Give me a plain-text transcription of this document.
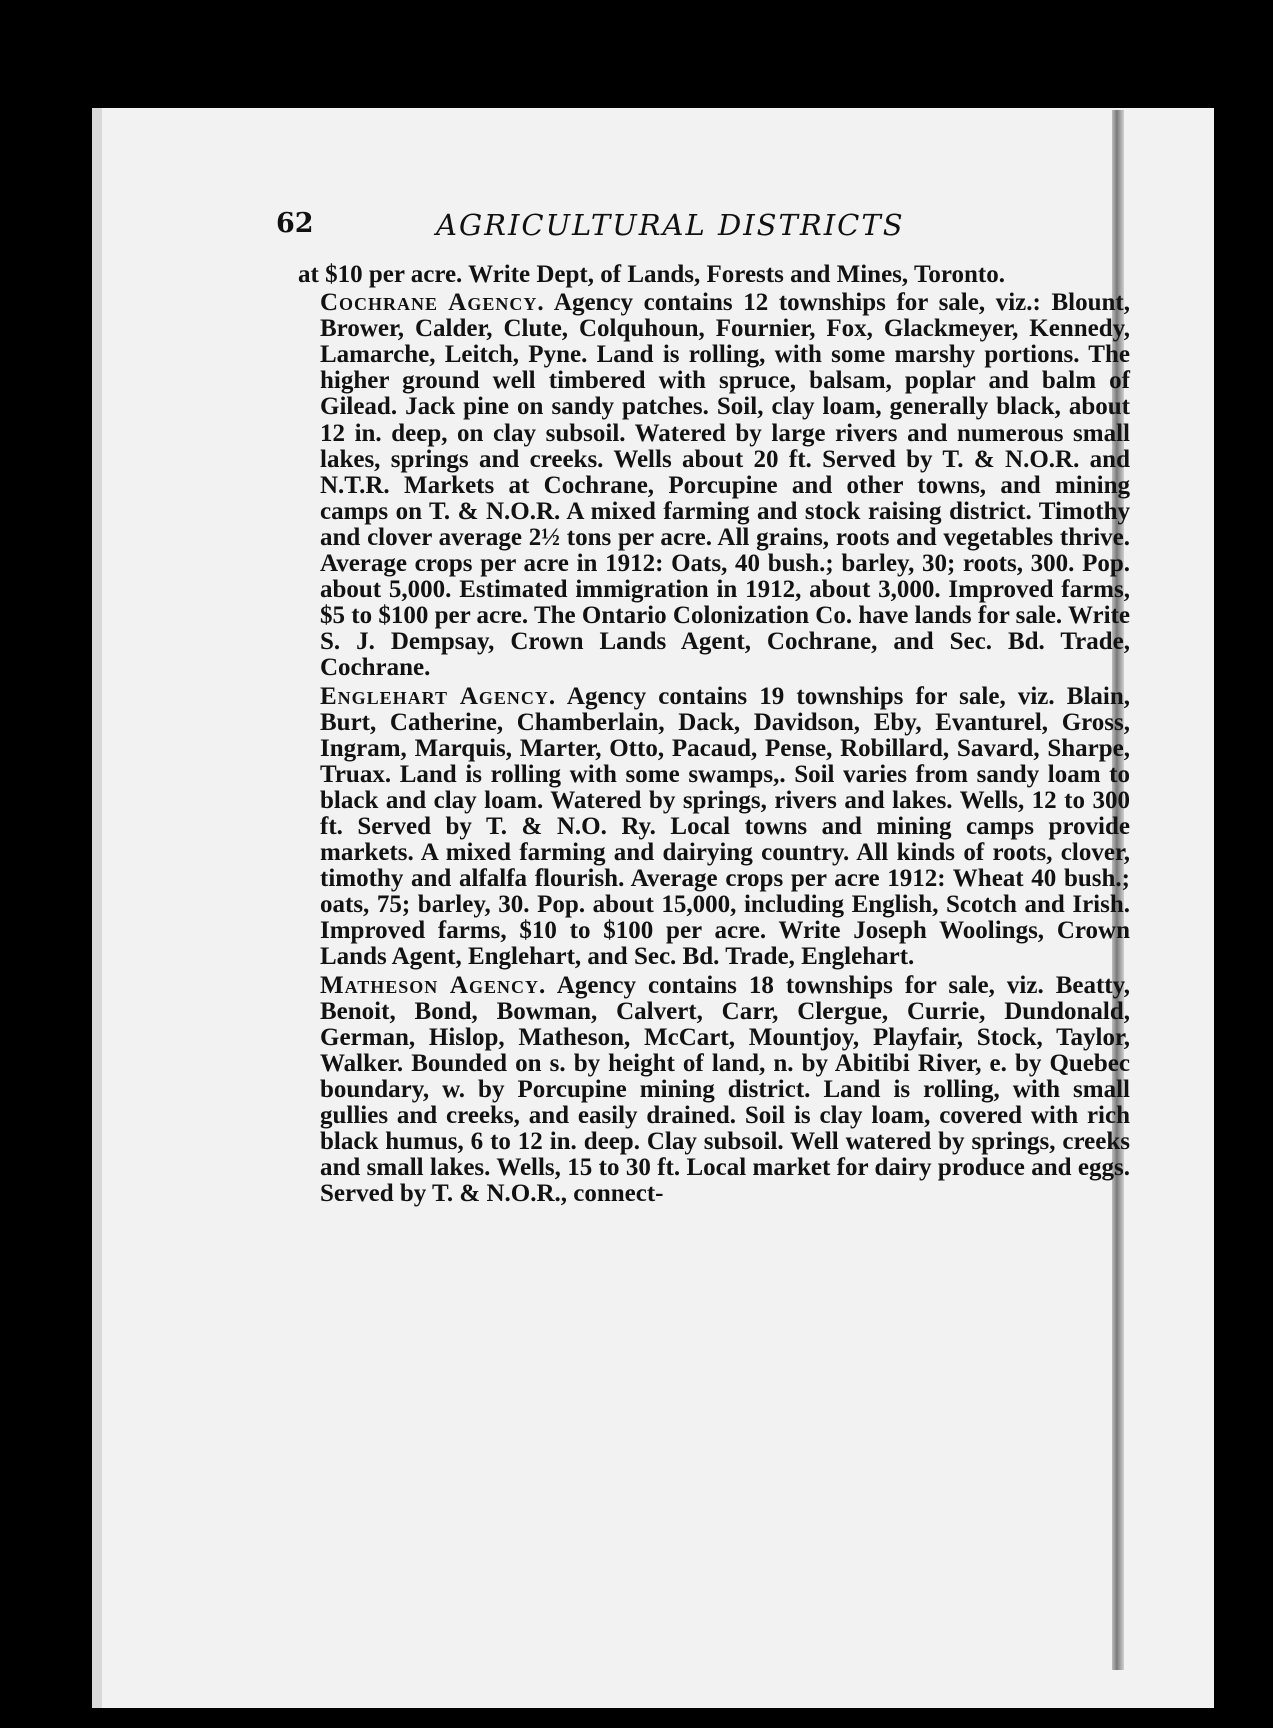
62	AGRICULTURAL DISTRICTS

at $10 per acre. Write Dept, of Lands, Forests and Mines, Toronto.

Cochrane Agency. Agency contains 12 townships for sale, viz.: Blount, Brower, Calder, Clute, Colquhoun, Fournier, Fox, Glackmeyer, Kennedy, Lamarche, Leitch, Pyne. Land is rolling, with some marshy portions. The higher ground well timbered with spruce, balsam, poplar and balm of Gilead. Jack pine on sandy patches. Soil, clay loam, generally black, about 12 in. deep, on clay subsoil. Watered by large rivers and numerous small lakes, springs and creeks. Wells about 20 ft. Served by T. & N.O.R. and N.T.R. Markets at Cochrane, Porcupine and other towns, and mining camps on T. & N.O.R. A mixed farming and stock raising district. Timothy and clover average 2½ tons per acre. All grains, roots and vegetables thrive. Average crops per acre in 1912: Oats, 40 bush.; barley, 30; roots, 300. Pop. about 5,000. Estimated immigration in 1912, about 3,000. Improved farms, $5 to $100 per acre. The Ontario Colonization Co. have lands for sale. Write S. J. Dempsay, Crown Lands Agent, Cochrane, and Sec. Bd. Trade, Cochrane.

Englehart Agency. Agency contains 19 townships for sale, viz. Blain, Burt, Catherine, Chamberlain, Dack, Davidson, Eby, Evanturel, Gross, Ingram, Marquis, Marter, Otto, Pacaud, Pense, Robillard, Savard, Sharpe, Truax. Land is rolling with some swamps,. Soil varies from sandy loam to black and clay loam. Watered by springs, rivers and lakes. Wells, 12 to 300 ft. Served by T. & N.O. Ry. Local towns and mining camps provide markets. A mixed farming and dairying country. All kinds of roots, clover, timothy and alfalfa flourish. Average crops per acre 1912: Wheat 40 bush.; oats, 75; barley, 30. Pop. about 15,000, including English, Scotch and Irish. Improved farms, $10 to $100 per acre. Write Joseph Woolings, Crown Lands Agent, Englehart, and Sec. Bd. Trade, Englehart.

Matheson Agency. Agency contains 18 townships for sale, viz. Beatty, Benoit, Bond, Bowman, Calvert, Carr, Clergue, Currie, Dundonald, German, Hislop, Matheson, McCart, Mountjoy, Playfair, Stock, Taylor, Walker. Bounded on s. by height of land, n. by Abitibi River, e. by Quebec boundary, w. by Porcupine mining district. Land is rolling, with small gullies and creeks, and easily drained. Soil is clay loam, covered with rich black humus, 6 to 12 in. deep. Clay subsoil. Well watered by springs, creeks and small lakes. Wells, 15 to 30 ft. Local market for dairy produce and eggs. Served by T. & N.O.R., connect-
